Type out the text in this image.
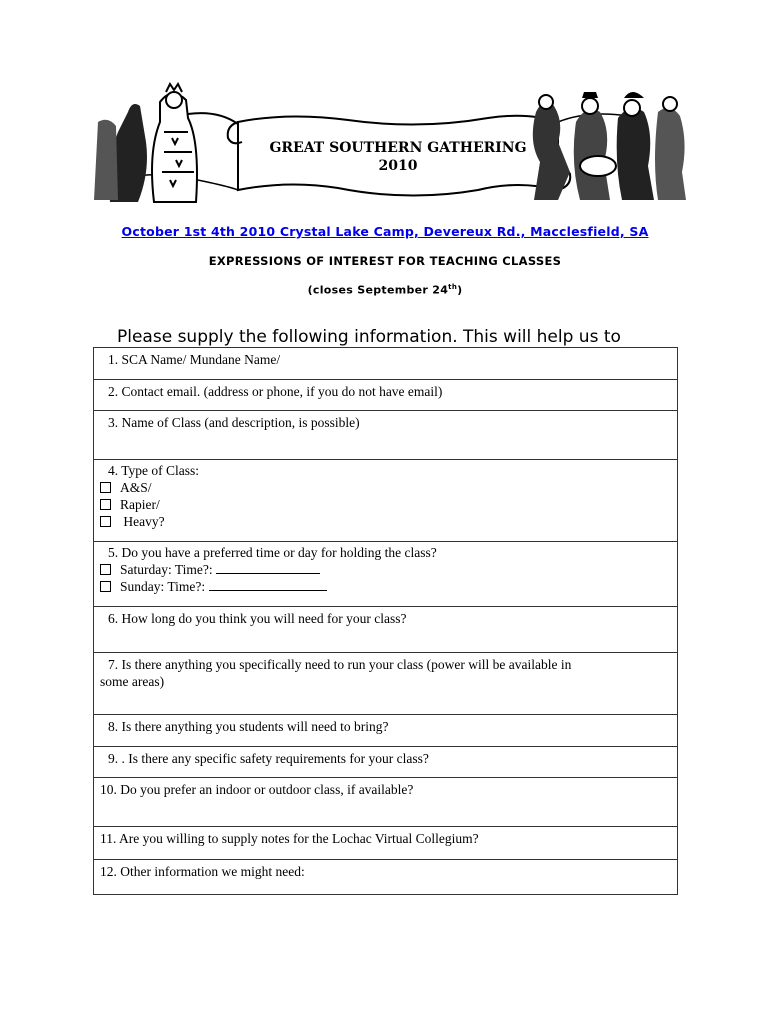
GREAT SOUTHERN GATHERING
2010
October 1st 4th 2010 Crystal Lake Camp, Devereux Rd., Macclesfield, SA
EXPRESSIONS OF INTEREST FOR TEACHING CLASSES
(closes September 24th)
Please supply the following information. This will help us to
1. SCA Name/ Mundane Name/

2. Contact email. (address or phone, if you do not have email)

3. Name of Class (and description, is possible)

4. Type of Class:
A&S/
Rapier/
Heavy?

5. Do you have a preferred time or day for holding the class?
Saturday: Time?:
Sunday: Time?:

6. How long do you think you will need for your class?

7. Is there anything you specifically need to run your class (power will be available in
some areas)

8. Is there anything you students will need to bring?

9. . Is there any specific safety requirements for your class?

10. Do you prefer an indoor or outdoor class, if available?

11. Are you willing to supply notes for the Lochac Virtual Collegium?

12. Other information we might need:
